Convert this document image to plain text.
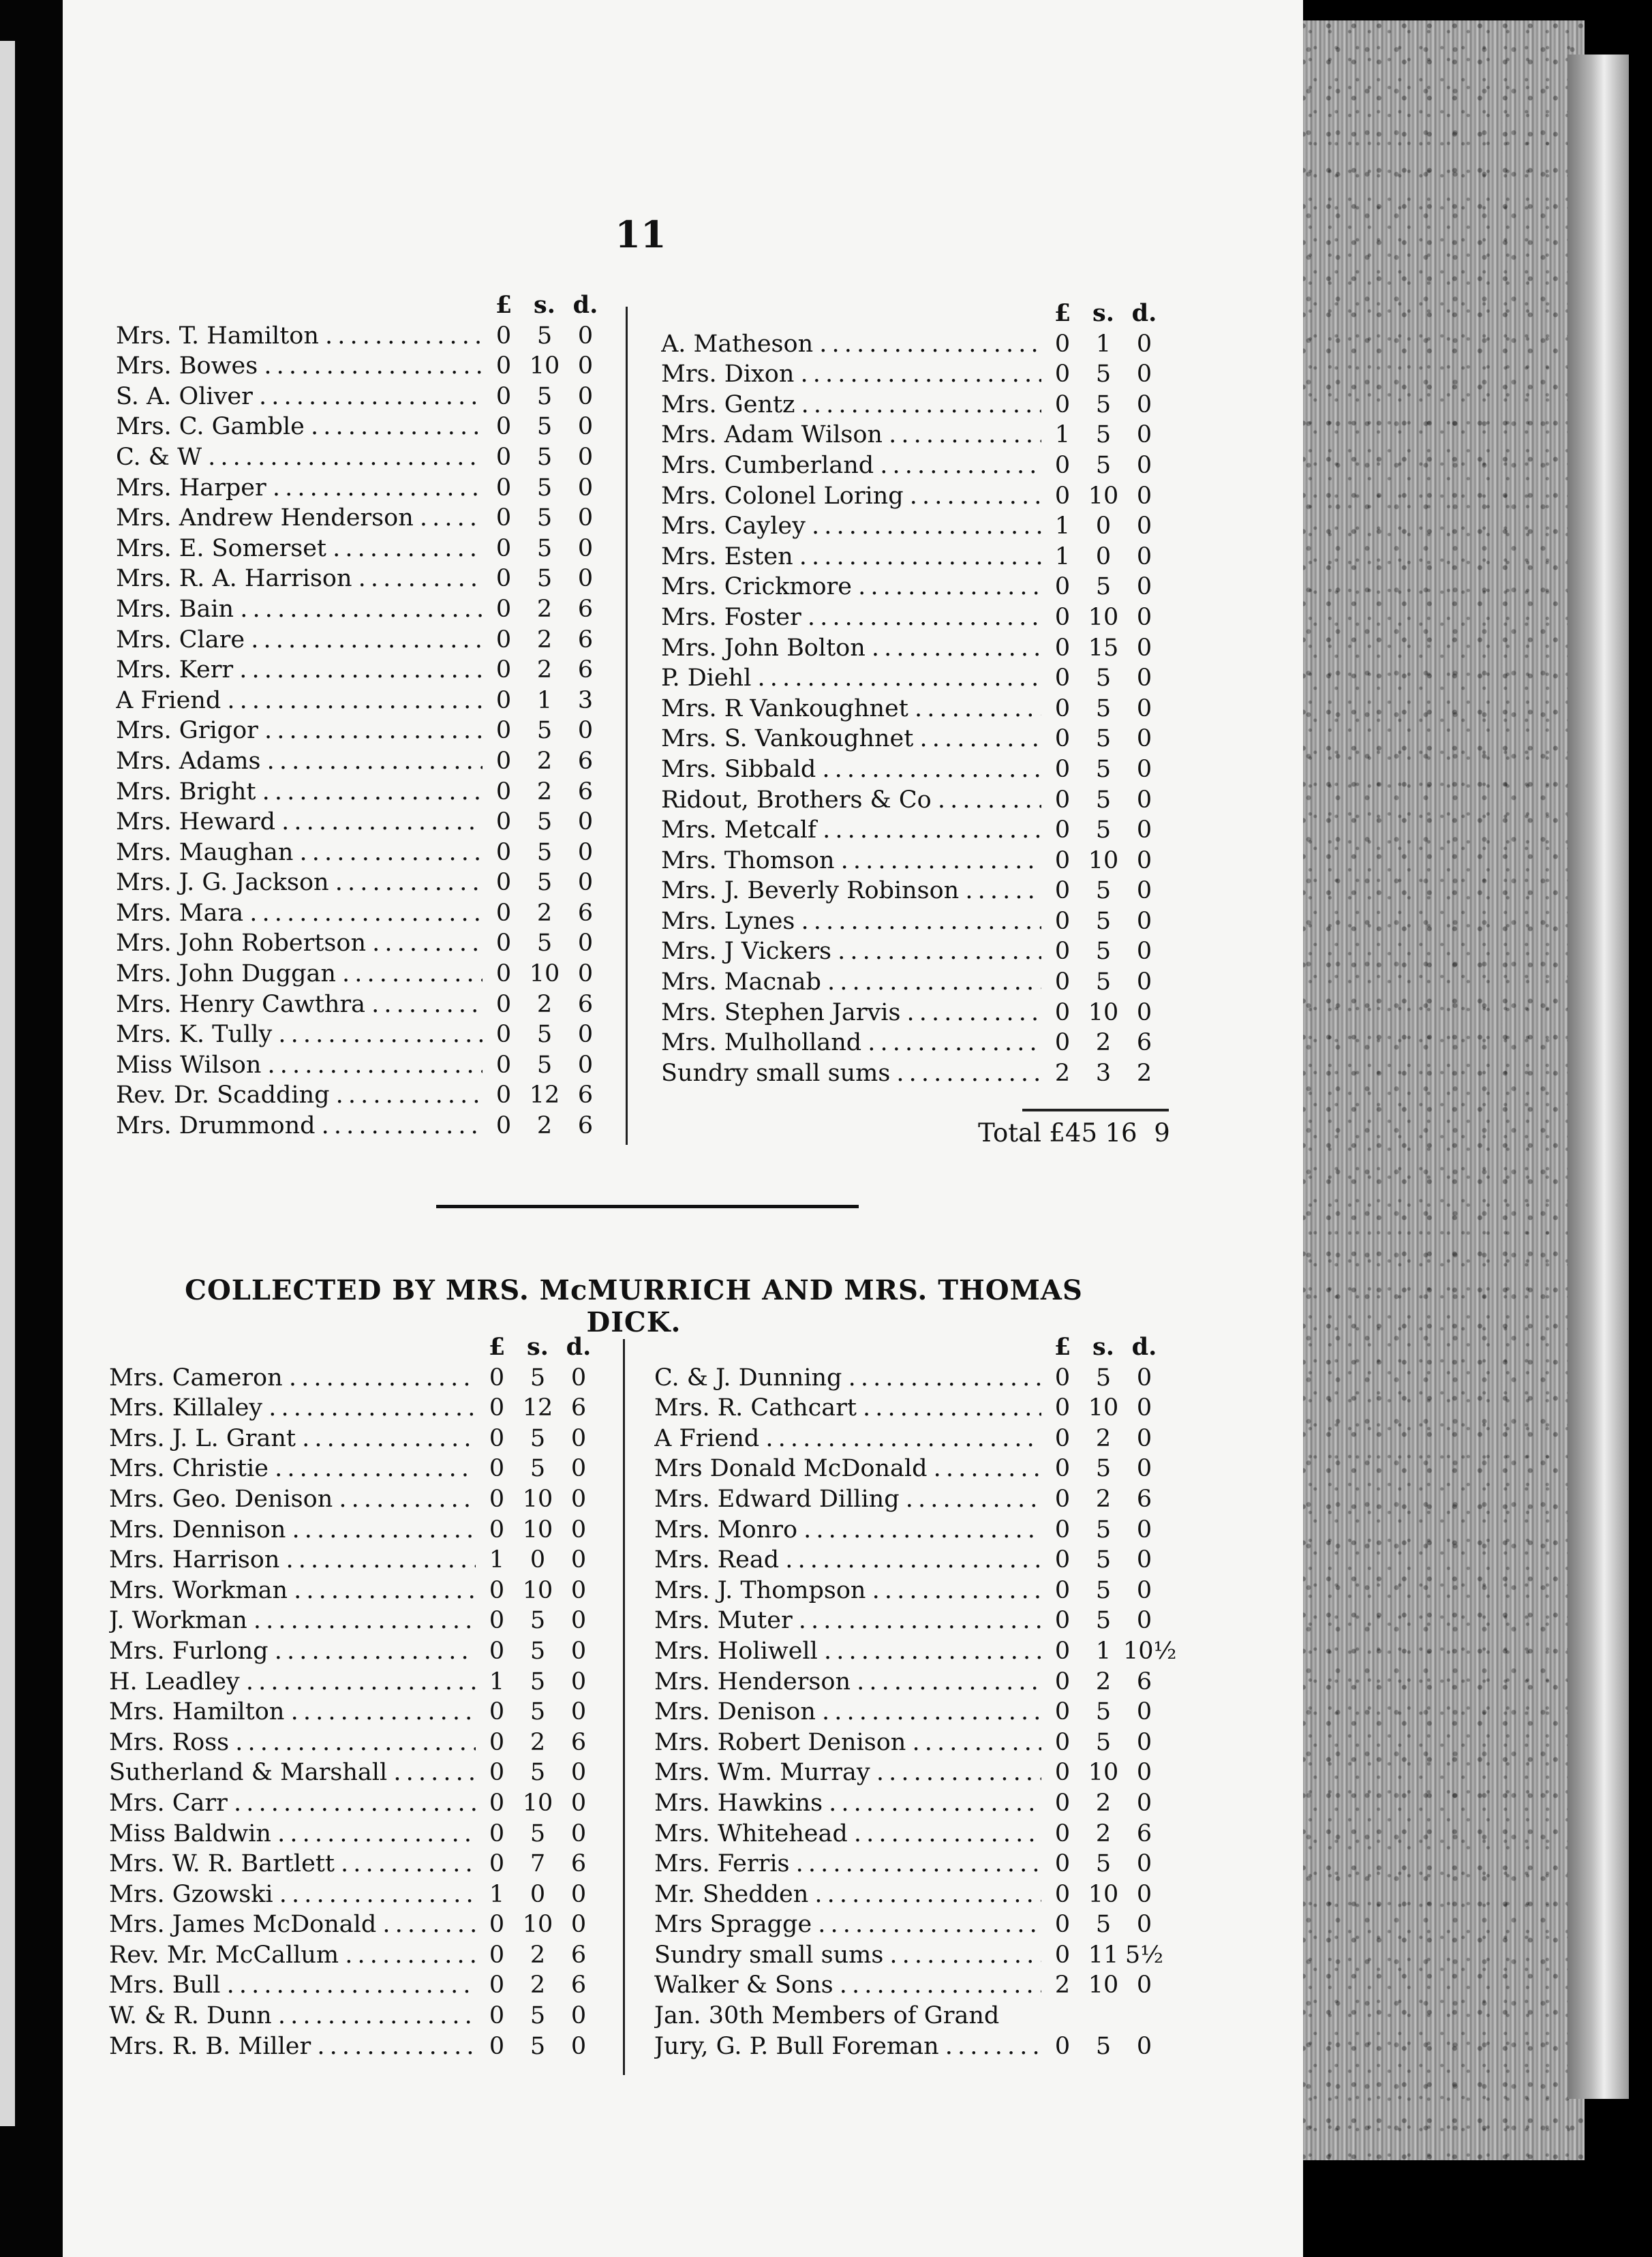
11
£ s. d.
Mrs. T. Hamilton . . .	0	5	0
Mrs. Bowes . . .	0 10 0
S. A. Oliver . . .	0	5	0
Mrs. C. Gamble . . .	0	5	0
C. & W . . .	0	5	0
Mrs. Harper . . .	0	5	0
Mrs. Andrew Henderson . . .	0	5	0
Mrs. E. Somerset . . .	0	5	0
Mrs. R. A. Harrison . . .	0	5	0
Mrs. Bain . . .	0	2	6
Mrs. Clare . . .	0	2	6
Mrs. Kerr . . .	0	2	6
A Friend . . .	0	1	3
Mrs. Grigor . . .	0	5	0
Mrs. Adams . . .	0	2	6
Mrs. Bright . . .	0	2	6
Mrs. Heward . . .	0	5	0
Mrs. Maughan . . .	0	5	0
Mrs. J. G. Jackson . . .	0	5	0
Mrs. Mara . . .	0	2	6
Mrs. John Robertson . . .	0	5	0
Mrs. John Duggan . . .	0 10 0
Mrs. Henry Cawthra . . .	0	2	6
Mrs. K. Tully . . .	0	5	0
Miss Wilson . . .	0	5	0
Rev. Dr. Scadding . . .	0 12 6
Mrs. Drummond . . .	0	2	6
£ s. d.
A. Matheson . . .	0	1	0
Mrs. Dixon . . .	0	5	0
Mrs. Gentz . . .	0	5	0
Mrs. Adam Wilson . . .	1	5	0
Mrs. Cumberland . . .	0	5	0
Mrs. Colonel Loring . . .	0 10 0
Mrs. Cayley . . .	1	0	0
Mrs. Esten . . .	1	0	0
Mrs. Crickmore . . .	0	5	0
Mrs. Foster . . .	0 10 0
Mrs. John Bolton . . .	0 15 0
P. Diehl . . .	0	5	0
Mrs. R Vankoughnet . . .	0	5	0
Mrs. S. Vankoughnet . . .	0	5	0
Mrs. Sibbald . . .	0	5	0
Ridout, Brothers & Co . . .	0	5	0
Mrs. Metcalf . . .	0	5	0
Mrs. Thomson . . .	0 10 0
Mrs. J. Beverly Robinson . . .	0	5	0
Mrs. Lynes . . .	0	5	0
Mrs. J Vickers . . .	0	5	0
Mrs. Macnab . . .	0	5	0
Mrs. Stephen Jarvis . . .	0 10 0
Mrs. Mulholland . . .	0	2	6
Sundry small sums . . .	2	3	2
Total £45 16 9
COLLECTED BY MRS. McMURRICH AND MRS. THOMAS DICK.
£ s. d.
Mrs. Cameron . . .	0	5	0
Mrs. Killaley . . .	0 12 6
Mrs. J. L. Grant . . .	0	5	0
Mrs. Christie . . .	0	5	0
Mrs. Geo. Denison . . .	0 10 0
Mrs. Dennison . . .	0 10 0
Mrs. Harrison . . .	1	0	0
Mrs. Workman . . .	0 10 0
J. Workman . . .	0	5	0
Mrs. Furlong . . .	0	5	0
H. Leadley . . .	1	5	0
Mrs. Hamilton . . .	0	5	0
Mrs. Ross . . .	0	2	6
Sutherland & Marshall . . .	0	5	0
Mrs. Carr . . .	0 10 0
Miss Baldwin . . .	0	5	0
Mrs. W. R. Bartlett . . .	0	7	6
Mrs. Gzowski . . .	1	0	0
Mrs. James McDonald . . .	0 10 0
Rev. Mr. McCallum . . .	0	2	6
Mrs. Bull . . .	0	2	6
W. & R. Dunn . . .	0	5	0
Mrs. R. B. Miller . . .	0	5	0
£ s. d.
C. & J. Dunning . . .	0	5	0
Mrs. R. Cathcart . . .	0 10 0
A Friend . . .	0	2	0
Mrs Donald McDonald . . .	0	5	0
Mrs. Edward Dilling . . .	0	2	6
Mrs. Monro . . .	0	5	0
Mrs. Read . . .	0	5	0
Mrs. J. Thompson . . .	0	5	0
Mrs. Muter . . .	0	5	0
Mrs. Holiwell . . .	0	1 10½
Mrs. Henderson . . .	0	2	6
Mrs. Denison . . .	0	5	0
Mrs. Robert Denison . . .	0	5	0
Mrs. Wm. Murray . . .	0 10 0
Mrs. Hawkins . . .	0	2	0
Mrs. Whitehead . . .	0	2	6
Mrs. Ferris . . .	0	5	0
Mr. Shedden . . .	0 10 0
Mrs Spragge . . .	0	5	0
Sundry small sums . . .	0 11 5½
Walker & Sons . . .	2 10 0
Jan. 30th Members of Grand
Jury, G. P. Bull Foreman . . .	0	5	0
